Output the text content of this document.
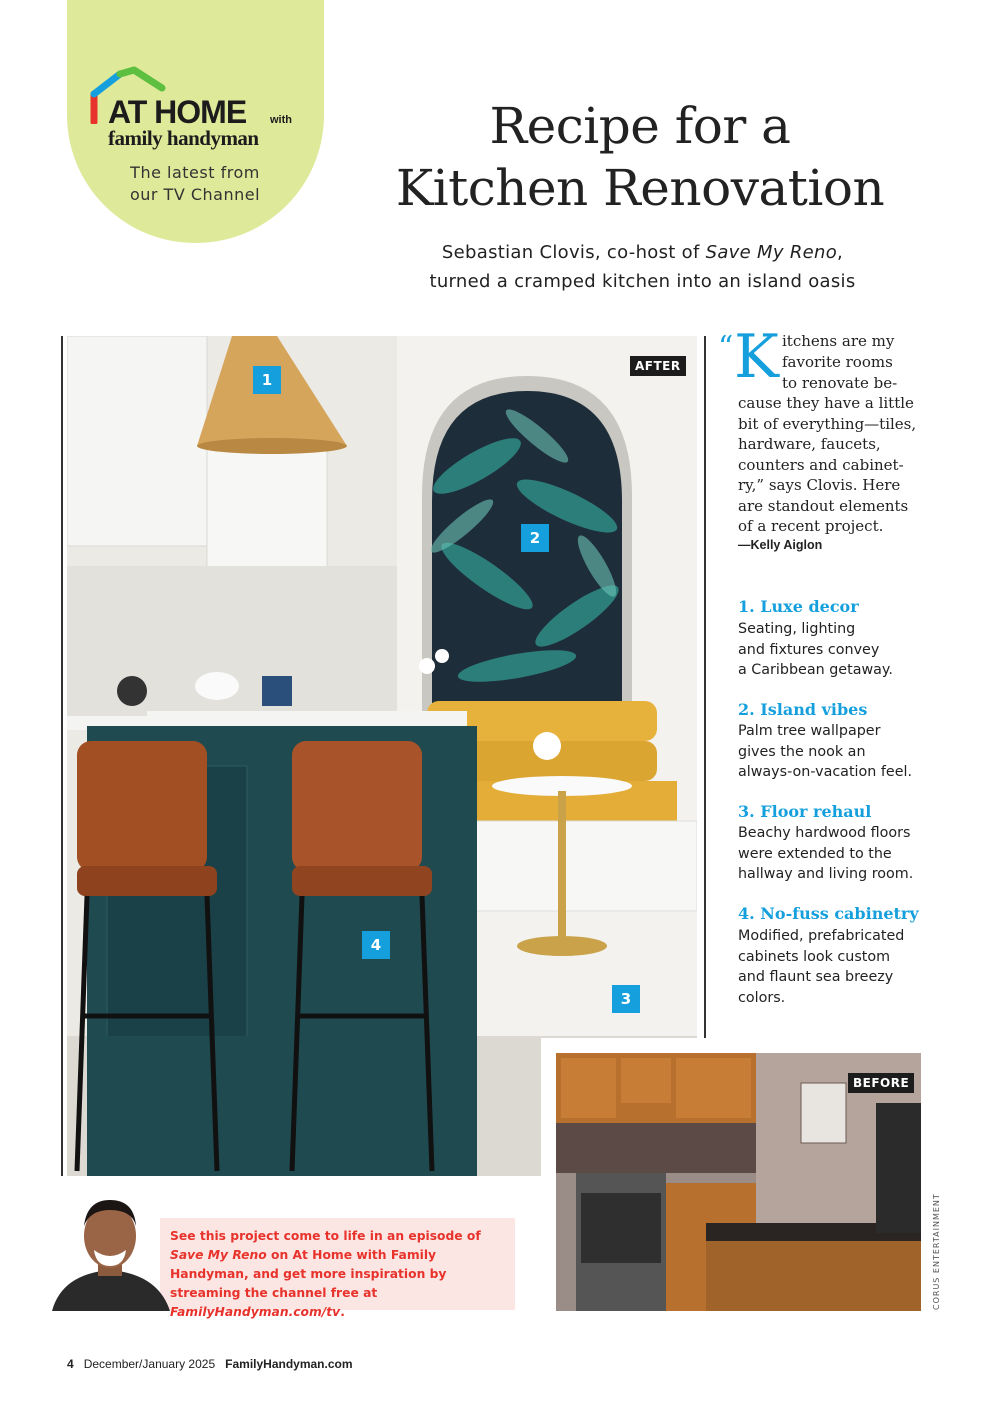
AT HOME with
family handyman
The latest from
our TV Channel
Recipe for a
Kitchen Renovation
Sebastian Clovis, co-host of Save My Reno,
turned a cramped kitchen into an island oasis
AFTER
1
2
3
4
BEFORE
“ K itchens are my
favorite rooms
to renovate be-
cause they have a little
bit of everything—tiles,
hardware, faucets,
counters and cabinet-
ry,” says Clovis. Here
are standout elements
of a recent project.
—Kelly Aiglon
1. Luxe decor
Seating, lighting
and fixtures convey
a Caribbean getaway.
2. Island vibes
Palm tree wallpaper
gives the nook an
always-on-vacation feel.
3. Floor rehaul
Beachy hardwood floors
were extended to the
hallway and living room.
4. No-fuss cabinetry
Modified, prefabricated
cabinets look custom
and flaunt sea breezy
colors.
See this project come to life in an episode of Save My Reno on At Home with Family Handyman, and get more inspiration by streaming the channel free at FamilyHandyman.com/tv.
CORUS ENTERTAINMENT
4 December/January 2025 FamilyHandyman.com
